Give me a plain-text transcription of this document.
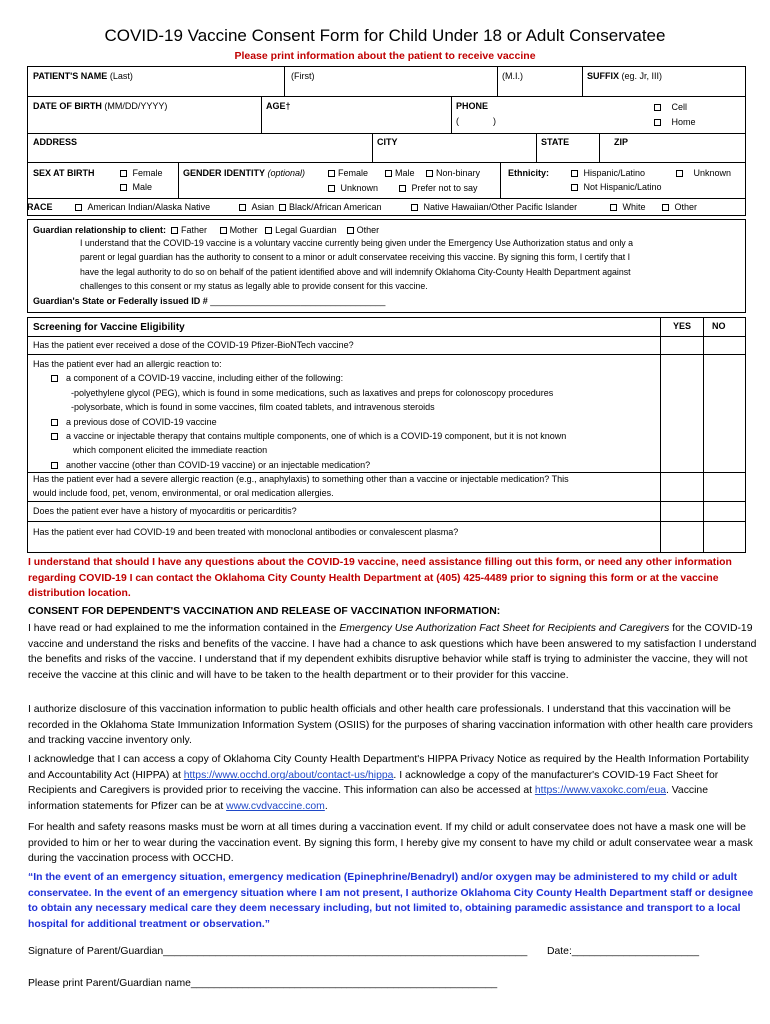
COVID-19 Vaccine Consent Form for Child Under 18 or Adult Conservatee
Please print information about the patient to receive vaccine
PATIENT'S NAME (Last)	(First)	(M.I.)	SUFFIX (eg. Jr, III)
DATE OF BIRTH (MM/DD/YYYY)	AGE†	PHONE
(	)
Cell
Home
ADDRESS	CITY	STATE	ZIP
SEX AT BIRTH	Female
Male
GENDER IDENTITY (optional)	Female	Male	Non-binary
Unknown	Prefer not to say
Ethnicity:	Hispanic/Latino	Unknown
Not Hispanic/Latino
RACE	American Indian/Alaska Native	Asian	Black/African American	Native Hawaiian/Other Pacific Islander	White	Other
Guardian relationship to client: Father	Mother Legal Guardian Other
I understand that the COVID-19 vaccine is a voluntary vaccine currently being given under the Emergency Use Authorization status and only a
parent or legal guardian has the authority to consent to a minor or adult conservatee receiving this vaccine. By signing this form, I certify that I
have the legal authority to do so on behalf of the patient identified above and will indemnify Oklahoma City-County Health Department against
challenges to this consent or my status as legally able to provide consent for this vaccine.
Guardian's State or Federally issued ID # ___________________________________
Screening for Vaccine Eligibility	YES NO
Has the patient ever received a dose of the COVID-19 Pfizer-BioNTech vaccine?
Has the patient ever had an allergic reaction to:
a component of a COVID-19 vaccine, including either of the following:
-polyethylene glycol (PEG), which is found in some medications, such as laxatives and preps for colonoscopy procedures
-polysorbate, which is found in some vaccines, film coated tablets, and intravenous steroids
a previous dose of COVID-19 vaccine
a vaccine or injectable therapy that contains multiple components, one of which is a COVID-19 component, but it is not known
which component elicited the immediate reaction
another vaccine (other than COVID-19 vaccine) or an injectable medication?
Has the patient ever had a severe allergic reaction (e.g., anaphylaxis) to something other than a vaccine or injectable medication? This
would include food, pet, venom, environmental, or oral medication allergies.
Does the patient ever have a history of myocarditis or pericarditis?
Has the patient ever had COVID-19 and been treated with monoclonal antibodies or convalescent plasma?
I understand that should I have any questions about the COVID-19 vaccine, need assistance filling out this form, or need any other information regarding COVID-19 I can contact the Oklahoma City County Health Department at (405) 425-4489 prior to signing this form or at the vaccine distribution location.
CONSENT FOR DEPENDENT'S VACCINATION AND RELEASE OF VACCINATION INFORMATION:
I have read or had explained to me the information contained in the Emergency Use Authorization Fact Sheet for Recipients and Caregivers for the COVID-19 vaccine and understand the risks and benefits of the vaccine. I have had a chance to ask questions which have been answered to my satisfaction I understand the benefits and risks of the vaccine. I understand that if my dependent exhibits disruptive behavior while staff is trying to administer the vaccine, they will not receive the vaccine at this clinic and will have to be taken to the health department or to their provider for this vaccine.
I authorize disclosure of this vaccination information to public health officials and other health care professionals. I understand that this vaccination will be recorded in the Oklahoma State Immunization Information System (OSIIS) for the purposes of sharing vaccination information with other health care providers and tracking vaccine inventory only.
I acknowledge that I can access a copy of Oklahoma City County Health Department's HIPPA Privacy Notice as required by the Health Information Portability and Accountability Act (HIPPA) at https://www.occhd.org/about/contact-us/hippa. I acknowledge a copy of the manufacturer's COVID-19 Fact Sheet for Recipients and Caregivers is provided prior to receiving the vaccine. This information can also be accessed at https://www.vaxokc.com/eua. Vaccine information statements for Pfizer can be at www.cvdvaccine.com.
For health and safety reasons masks must be worn at all times during a vaccination event. If my child or adult conservatee does not have a mask one will be provided to him or her to wear during the vaccination event. By signing this form, I hereby give my consent to have my child or adult conservatee wear a mask during the vaccination process with OCCHD.
“In the event of an emergency situation, emergency medication (Epinephrine/Benadryl) and/or oxygen may be administered to my child or adult conservatee. In the event of an emergency situation where I am not present, I authorize Oklahoma City County Health Department staff or designee to obtain any necessary medical care they deem necessary including, but not limited to, obtaining paramedic assistance and transport to a local hospital for additional treatment or observation.”
Signature of Parent/Guardian_______________________________________________________________ Date:______________________
Please print Parent/Guardian name_____________________________________________________
